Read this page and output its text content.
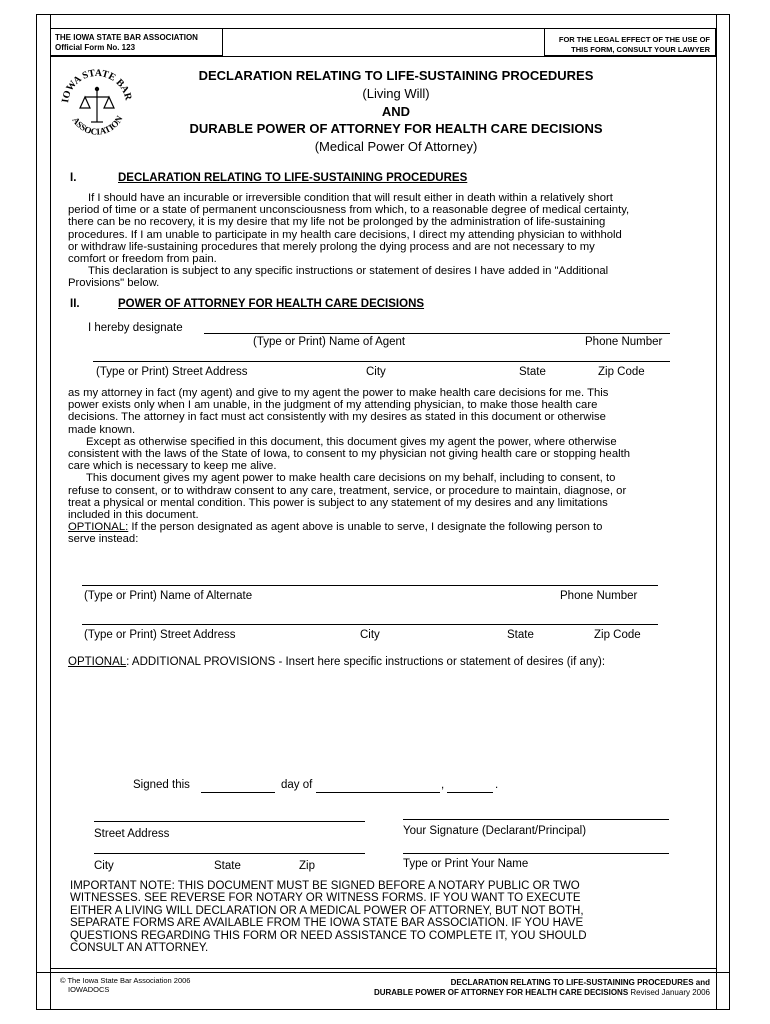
THE IOWA STATE BAR ASSOCIATION
Official Form No. 123
FOR THE LEGAL EFFECT OF THE USE OF
THIS FORM, CONSULT YOUR LAWYER
IOWA STATE BAR
ASSOCIATION
DECLARATION RELATING TO LIFE-SUSTAINING PROCEDURES
(Living Will)
AND
DURABLE POWER OF ATTORNEY FOR HEALTH CARE DECISIONS
(Medical Power Of Attorney)
I.	DECLARATION RELATING TO LIFE-SUSTAINING PROCEDURES
If I should have an incurable or irreversible condition that will result either in death within a relatively short
period of time or a state of permanent unconsciousness from which, to a reasonable degree of medical certainty,
there can be no recovery, it is my desire that my life not be prolonged by the administration of life-sustaining
procedures. If I am unable to participate in my health care decisions, I direct my attending physician to withhold
or withdraw life-sustaining procedures that merely prolong the dying process and are not necessary to my
comfort or freedom from pain.
This declaration is subject to any specific instructions or statement of desires I have added in "Additional
Provisions" below.
II.	POWER OF ATTORNEY FOR HEALTH CARE DECISIONS
I hereby designate
(Type or Print) Name of Agent	Phone Number
(Type or Print) Street Address	City	State	Zip Code
as my attorney in fact (my agent) and give to my agent the power to make health care decisions for me. This
power exists only when I am unable, in the judgment of my attending physician, to make those health care
decisions. The attorney in fact must act consistently with my desires as stated in this document or otherwise
made known.
Except as otherwise specified in this document, this document gives my agent the power, where otherwise
consistent with the laws of the State of Iowa, to consent to my physician not giving health care or stopping health
care which is necessary to keep me alive.
This document gives my agent power to make health care decisions on my behalf, including to consent, to
refuse to consent, or to withdraw consent to any care, treatment, service, or procedure to maintain, diagnose, or
treat a physical or mental condition. This power is subject to any statement of my desires and any limitations
included in this document.
OPTIONAL: If the person designated as agent above is unable to serve, I designate the following person to
serve instead:
(Type or Print) Name of Alternate	Phone Number
(Type or Print) Street Address	City	State	Zip Code
OPTIONAL: ADDITIONAL PROVISIONS - Insert here specific instructions or statement of desires (if any):
Signed this	day of	,	.
Street Address	Your Signature (Declarant/Principal)
City	State	Zip	Type or Print Your Name
IMPORTANT NOTE: THIS DOCUMENT MUST BE SIGNED BEFORE A NOTARY PUBLIC OR TWO
WITNESSES. SEE REVERSE FOR NOTARY OR WITNESS FORMS. IF YOU WANT TO EXECUTE
EITHER A LIVING WILL DECLARATION OR A MEDICAL POWER OF ATTORNEY, BUT NOT BOTH,
SEPARATE FORMS ARE AVAILABLE FROM THE IOWA STATE BAR ASSOCIATION. IF YOU HAVE
QUESTIONS REGARDING THIS FORM OR NEED ASSISTANCE TO COMPLETE IT, YOU SHOULD
CONSULT AN ATTORNEY.
© The Iowa State Bar Association 2006
IOWADOCS
DECLARATION RELATING TO LIFE-SUSTAINING PROCEDURES and
DURABLE POWER OF ATTORNEY FOR HEALTH CARE DECISIONS Revised January 2006
